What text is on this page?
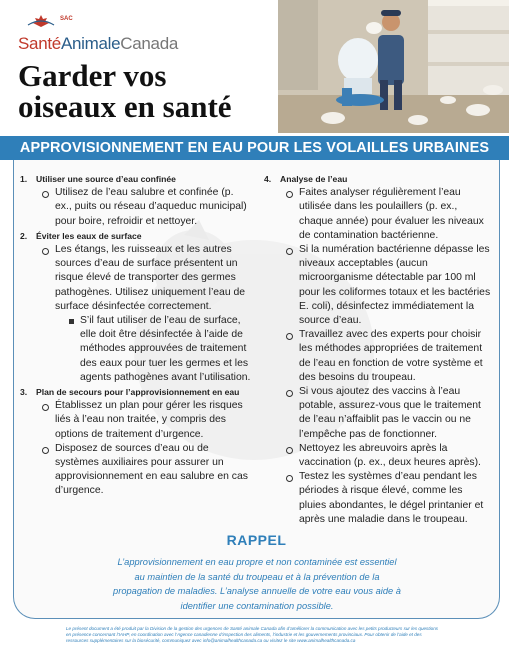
SAC
SantéAnimaleCanada
Garder vos oiseaux en santé
APPROVISIONNEMENT EN EAU POUR LES VOLAILLES URBAINES
1.	Utiliser une source d’eau confinée
Utilisez de l’eau salubre et confinée (p. ex., puits ou réseau d’aqueduc municipal) pour boire, refroidir et nettoyer.
2.	Éviter les eaux de surface
Les étangs, les ruisseaux et les autres sources d’eau de surface présentent un risque élevé de transporter des germes pathogènes. Utilisez uniquement l’eau de surface désinfectée correctement.
S’il faut utiliser de l’eau de surface, elle doit être désinfectée à l’aide de méthodes approuvées de traitement des eaux pour tuer les germes et les agents pathogènes avant l’utilisation.
3.	Plan de secours pour l’approvisionnement en eau
Établissez un plan pour gérer les risques liés à l’eau non traitée, y compris des options de traitement d’urgence.
Disposez de sources d’eau ou de systèmes auxiliaires pour assurer un approvisionnement en eau salubre en cas d’urgence.
4.	Analyse de l’eau
Faites analyser régulièrement l’eau utilisée dans les poulaillers (p. ex., chaque année) pour évaluer les niveaux de contamination bactérienne.
Si la numération bactérienne dépasse les niveaux acceptables (aucun microorganisme détectable par 100 ml pour les coliformes totaux et les bactéries E. coli), désinfectez immédiatement la source d’eau.
Travaillez avec des experts pour choisir les méthodes appropriées de traitement de l’eau en fonction de votre système et des besoins du troupeau.
Si vous ajoutez des vaccins à l’eau potable, assurez-vous que le traitement de l’eau n’affaiblit pas le vaccin ou ne l’empêche pas de fonctionner.
Nettoyez les abreuvoirs après la vaccination (p. ex., deux heures après).
Testez les systèmes d’eau pendant les périodes à risque élevé, comme les pluies abondantes, le dégel printanier et après une maladie dans le troupeau.
RAPPEL
L’approvisionnement en eau propre et non contaminée est essentiel au maintien de la santé du troupeau et à la prévention de la propagation de maladies. L’analyse annuelle de votre eau vous aide à identifier une contamination possible.
Le présent document a été produit par la Division de la gestion des urgences de Santé animale Canada afin d’améliorer la communication avec les petits producteurs sur les questions en présence concernant l’IAHP, en coordination avec l’Agence canadienne d’inspection des aliments, l’industrie et les gouvernements provinciaux. Pour obtenir de l’aide et des ressources supplémentaires sur la biosécurité, communiquez avec info@animalhealthcanada.ca ou visitez le site www.animalhealthcanada.ca
